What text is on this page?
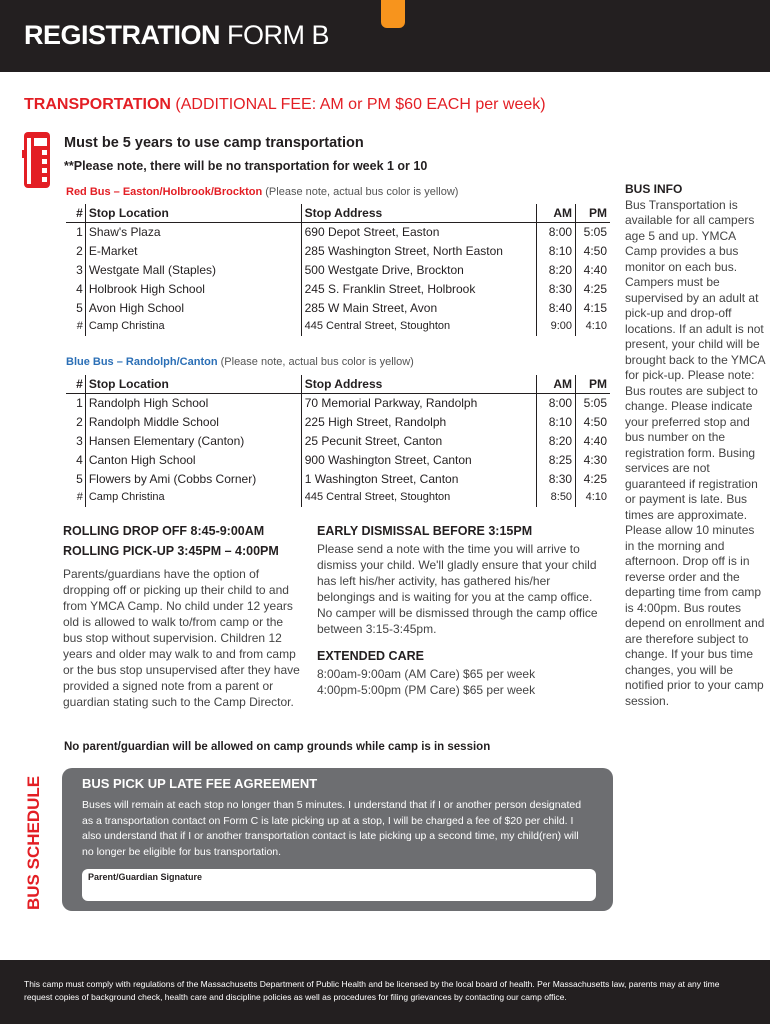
REGISTRATION FORM B
TRANSPORTATION (ADDITIONAL FEE: AM or PM $60 EACH per week)
BUS SCHEDULE
Must be 5 years to use camp transportation
**Please note, there will be no transportation for week 1 or 10
Red Bus – Easton/Holbrook/Brockton (Please note, actual bus color is yellow)
#	Stop Location	Stop Address	AM	PM
1	Shaw's Plaza	690 Depot Street, Easton	8:00	5:05
2	E-Market	285 Washington Street, North Easton	8:10	4:50
3	Westgate Mall (Staples)	500 Westgate Drive, Brockton	8:20	4:40
4	Holbrook High School	245 S. Franklin Street, Holbrook	8:30	4:25
5	Avon High School	285 W Main Street, Avon	8:40	4:15
#	Camp Christina	445 Central Street, Stoughton	9:00	4:10
Blue Bus – Randolph/Canton (Please note, actual bus color is yellow)
#	Stop Location	Stop Address	AM	PM
1	Randolph High School	70 Memorial Parkway, Randolph	8:00	5:05
2	Randolph Middle School	225 High Street, Randolph	8:10	4:50
3	Hansen Elementary (Canton)	25 Pecunit Street, Canton	8:20	4:40
4	Canton High School	900 Washington Street, Canton	8:25	4:30
5	Flowers by Ami (Cobbs Corner)	1 Washington Street, Canton	8:30	4:25
#	Camp Christina	445 Central Street, Stoughton	8:50	4:10
ROLLING DROP OFF 8:45-9:00AM
ROLLING PICK-UP 3:45PM – 4:00PM

Parents/guardians have the option of dropping off or picking up their child to and from YMCA Camp. No child under 12 years old is allowed to walk to/from camp or the bus stop without supervision. Children 12 years and older may walk to and from camp or the bus stop unsupervised after they have provided a signed note from a parent or guardian stating such to the Camp Director.

EARLY DISMISSAL BEFORE 3:15PM

Please send a note with the time you will arrive to dismiss your child. We'll gladly ensure that your child has left his/her activity, has gathered his/her belongings and is waiting for you at the camp office. No camper will be dismissed through the camp office between 3:15-3:45pm.

EXTENDED CARE

8:00am-9:00am (AM Care) $65 per week

4:00pm-5:00pm (PM Care) $65 per week

No parent/guardian will be allowed on camp grounds while camp is in session
BUS PICK UP LATE FEE AGREEMENT
Buses will remain at each stop no longer than 5 minutes. I understand that if I or another person designated as a transportation contact on Form C is late picking up at a stop, I will be charged a fee of $20 per child. I also understand that if I or another transportation contact is late picking up a second time, my child(ren) will no longer be eligible for bus transportation.
Parent/Guardian Signature
BUS INFO
Bus Transportation is available for all campers age 5 and up. YMCA Camp provides a bus monitor on each bus. Campers must be supervised by an adult at pick-up and drop-off locations. If an adult is not present, your child will be brought back to the YMCA for pick-up. Please note: Bus routes are subject to change. Please indicate your preferred stop and bus number on the registration form. Busing services are not guaranteed if registration or payment is late. Bus times are approximate. Please allow 10 minutes in the morning and afternoon. Drop off is in reverse order and the departing time from camp is 4:00pm. Bus routes depend on enrollment and are therefore subject to change. If your bus time changes, you will be notified prior to your camp session.
This camp must comply with regulations of the Massachusetts Department of Public Health and be licensed by the local board of health. Per Massachusetts law, parents may at any time request copies of background check, health care and discipline policies as well as procedures for filing grievances by contacting our camp office.
